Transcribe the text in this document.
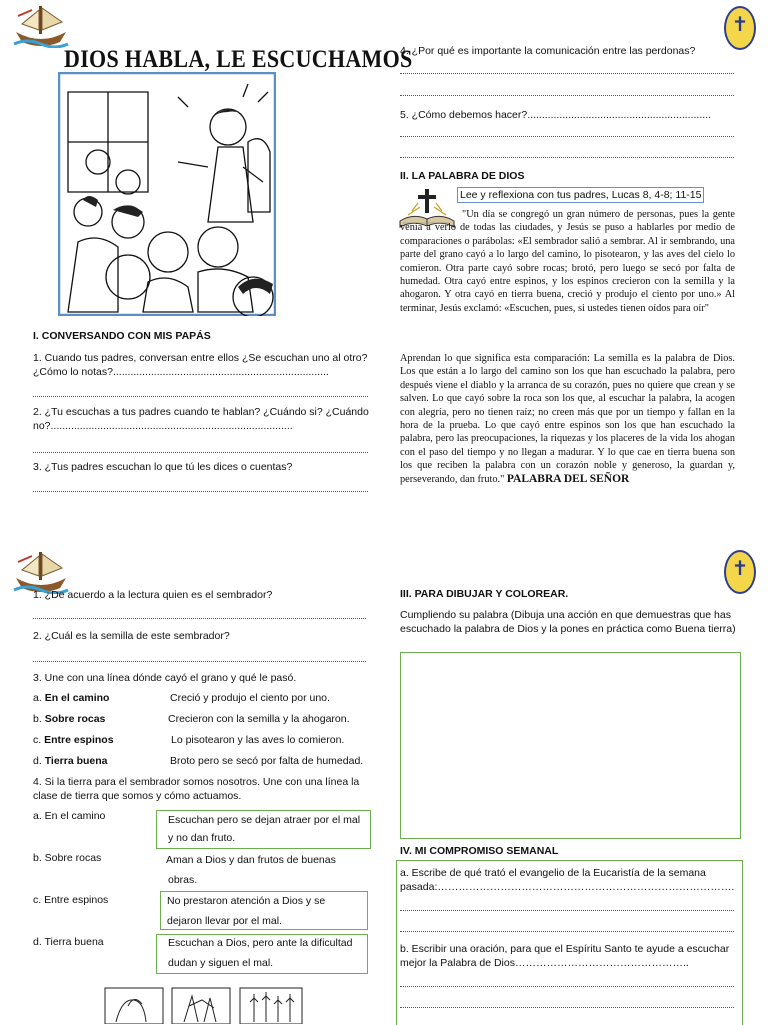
DIOS HABLA, LE ESCUCHAMOS
I. CONVERSANDO CON MIS PAPÁS
1. Cuando tus padres, conversan entre ellos ¿Se escuchan uno al otro? ¿Cómo lo notas?..........................................................................
2. ¿Tu escuchas a tus padres cuando te hablan? ¿Cuándo si? ¿Cuándo no?...................................................................................
3. ¿Tus padres escuchan lo que tú les dices o cuentas?
4. ¿Por qué es importante la comunicación entre las perdonas?
5. ¿Cómo debemos hacer?...............................................................
II. LA PALABRA DE DIOS
Lee y reflexiona con tus padres, Lucas 8, 4-8; 11-15
"Un día se congregó un gran número de personas, pues la gente venía a verlo de todas las ciudades, y Jesús se puso a hablarles por medio de comparaciones o parábolas: «El sembrador salió a sembrar. Al ir sembrando, una parte del grano cayó a lo largo del camino, lo pisotearon, y las aves del cielo lo comieron. Otra parte cayó sobre rocas; brotó, pero luego se secó por falta de humedad. Otra cayó entre espinos, y los espinos crecieron con la semilla y la ahogaron. Y otra cayó en tierra buena, creció y produjo el ciento por uno.» Al terminar, Jesús exclamó: «Escuchen, pues, si ustedes tienen oídos para oír"
Aprendan lo que significa esta comparación: La semilla es la palabra de Dios. Los que están a lo largo del camino son los que han escuchado la palabra, pero después viene el diablo y la arranca de su corazón, pues no quiere que crean y se salven. Lo que cayó sobre la roca son los que, al escuchar la palabra, la acogen con alegría, pero no tienen raíz; no creen más que por un tiempo y fallan en la hora de la prueba. Lo que cayó entre espinos son los que han escuchado la palabra, pero las preocupaciones, la riquezas y los placeres de la vida los ahogan con el paso del tiempo y no llegan a madurar. Y lo que cae en tierra buena son los que reciben la palabra con un corazón noble y generoso, la guardan y, perseverando, dan fruto." PALABRA DEL SEÑOR
✝
✝
1. ¿De acuerdo a la lectura quien es el sembrador?
2. ¿Cuál es la semilla de este sembrador?
3. Une con una línea dónde cayó el grano y qué le pasó.
a. En el camino	Creció y produjo el ciento por uno.
b. Sobre rocas	Crecieron con la semilla y la ahogaron.
c. Entre espinos	Lo pisotearon y las aves lo comieron.
d. Tierra buena	Broto pero se secó por falta de humedad.
4. Si la tierra para el sembrador somos nosotros. Une con una línea la clase de tierra que somos y cómo actuamos.
a. En el camino	Escuchan pero se dejan atraer por el mal
y no dan fruto.
b. Sobre rocas	Aman a Dios y dan frutos de buenas
obras.
c. Entre espinos	No prestaron atención a Dios y se
dejaron llevar por el mal.
d. Tierra buena	Escuchan a Dios, pero ante la dificultad
dudan y siguen el mal.
III. PARA DIBUJAR Y COLOREAR.
Cumpliendo su palabra (Dibuja una acción en que demuestras que has escuchado la palabra de Dios y la pones en práctica como Buena tierra)
IV. MI COMPROMISO SEMANAL
a. Escribe de qué trató el evangelio de la Eucaristía de la semana pasada:………………………………………………………………………….
b. Escribir una oración, para que el Espíritu Santo te ayude a escuchar mejor la Palabra de Dios…………………………………………..
